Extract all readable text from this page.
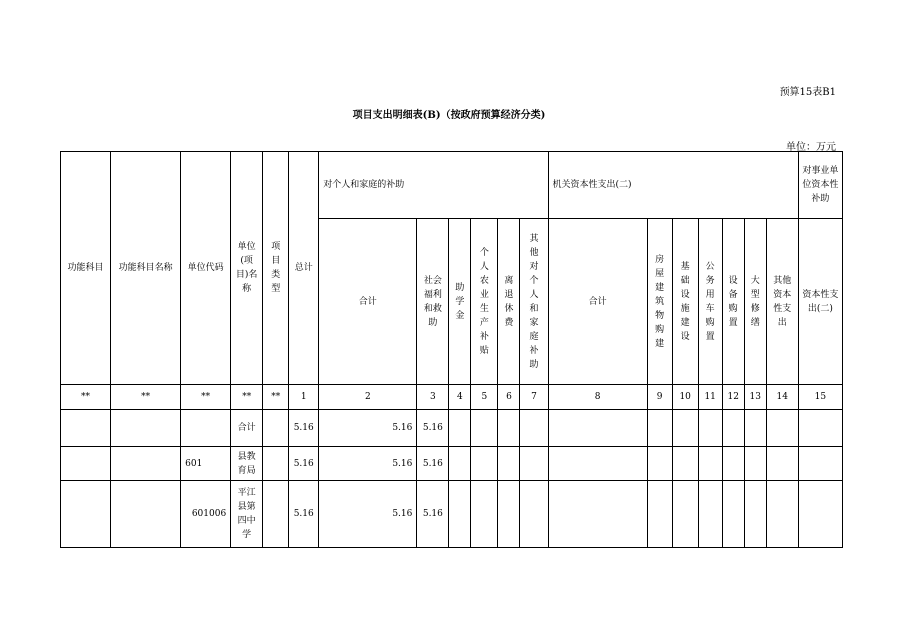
预算15表B1
项目支出明细表(B)（按政府预算经济分类)
单位：万元
功能科目	功能科目名称	单位代码	单位(项目)名称	项目类型	总计	对个人和家庭的补助						机关资本性支出(二)							对事业单位资本性补助

						合计	社会福利和救助	助学金	个人农业生产补贴	离退休费	其他对个人和家庭补助	合计	房屋建筑物购建	基础设施建设	公务用车购置	设备购置	大型修缮	其他资本性支出	资本性支出(二)

**	**	**	**	**	1	2	3	4	5	6	7	8	9	10	11	12	13	14	15
			合计		5.16	5.16	5.16												
		601	县教育局		5.16	5.16	5.16												
		601006	平江县第四中学		5.16	5.16	5.16												
